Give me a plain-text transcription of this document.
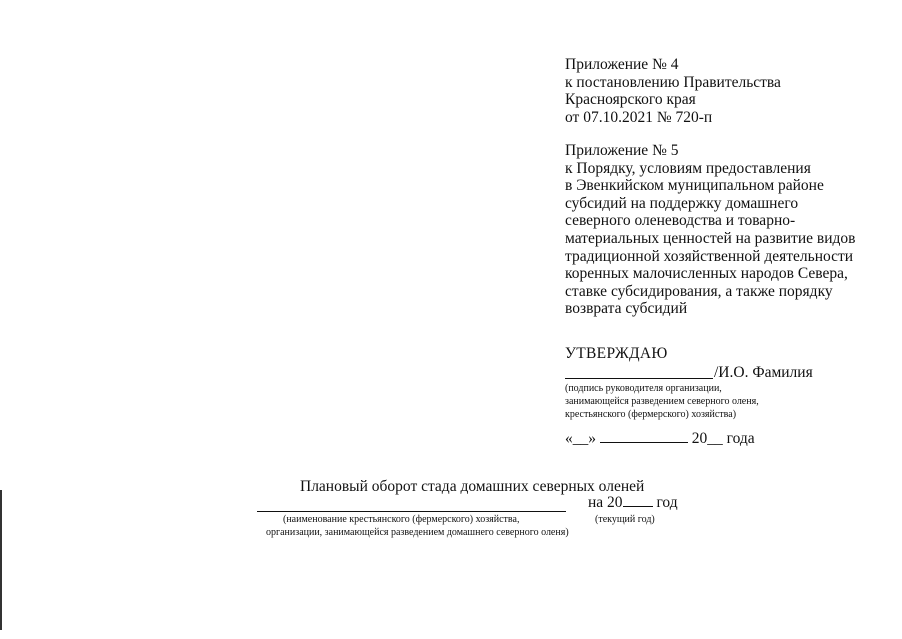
Приложение № 4
к постановлению Правительства
Красноярского края
от 07.10.2021 № 720-п
Приложение № 5
к Порядку, условиям предоставления
в Эвенкийском муниципальном районе
субсидий на поддержку домашнего
северного оленеводства и товарно-
материальных ценностей на развитие видов
традиционной хозяйственной деятельности
коренных малочисленных народов Севера,
ставке субсидирования, а также порядку
возврата субсидий
УТВЕРЖДАЮ
/И.О. Фамилия
(подпись руководителя организации,
занимающейся разведением северного оленя,
крестьянского (фермерского) хозяйства)
«__»	20__ года
Плановый оборот стада домашних северных оленей
на 20 год
(наименование крестьянского (фермерского) хозяйства,	(текущий год)
организации, занимающейся разведением домашнего северного оленя)
